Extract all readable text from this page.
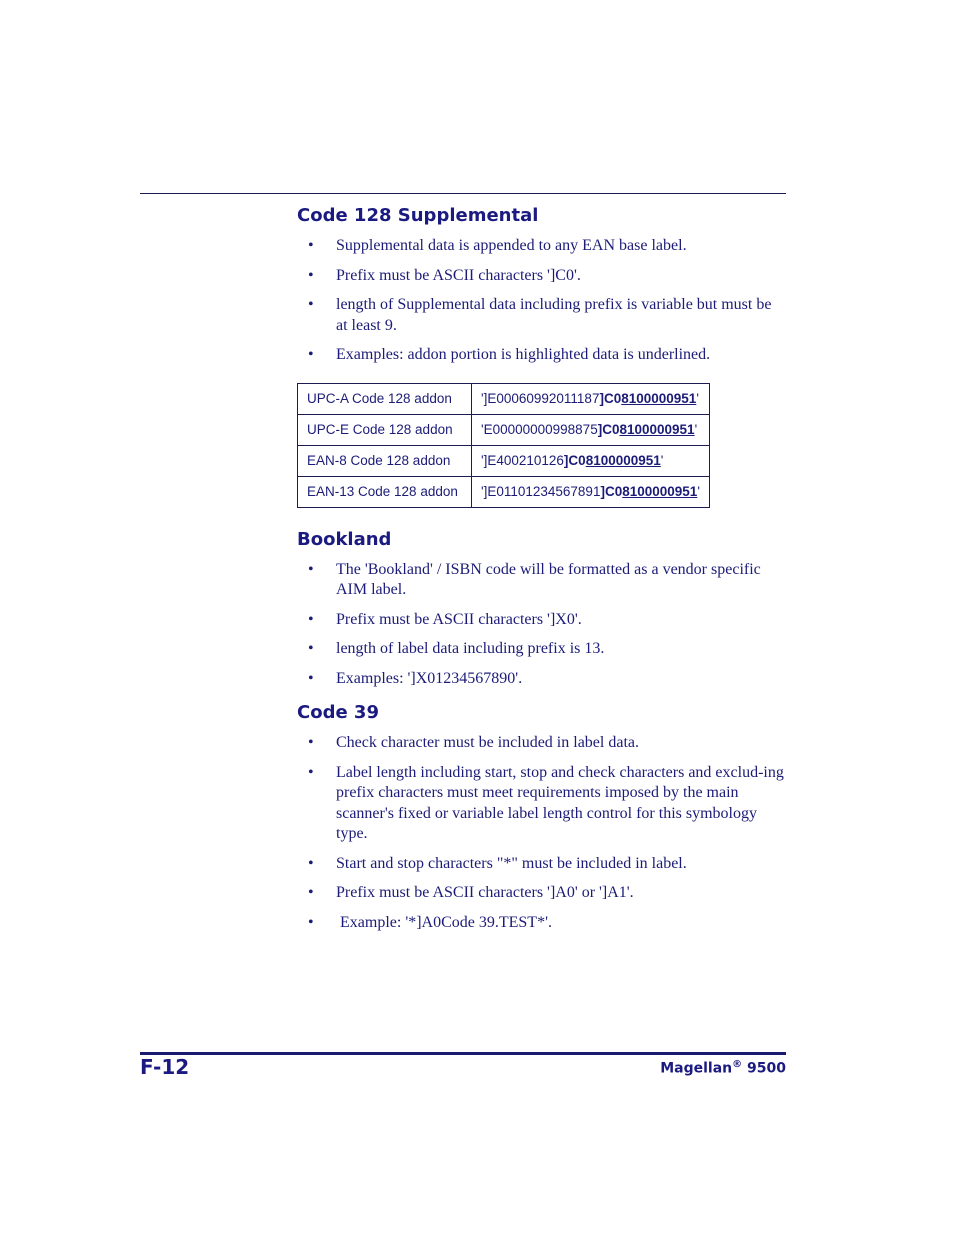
Code 128 Supplemental
• Supplemental data is appended to any EAN base label.
• Prefix must be ASCII characters ']C0'.
• length of Supplemental data including prefix is variable but must be at least 9.
• Examples: addon portion is highlighted data is underlined.
UPC-A Code 128 addon	']E00060992011187]C08100000951'
UPC-E Code 128 addon	'E00000000998875]C08100000951'
EAN-8 Code 128 addon	']E400210126]C08100000951'
EAN-13 Code 128 addon	']E01101234567891]C08100000951'
Bookland
• The 'Bookland' / ISBN code will be formatted as a vendor specific AIM label.
• Prefix must be ASCII characters ']X0'.
• length of label data including prefix is 13.
• Examples: ']X01234567890'.
Code 39
• Check character must be included in label data.
• Label length including start, stop and check characters and exclud-ing prefix characters must meet requirements imposed by the main scanner's fixed or variable label length control for this symbology type.
• Start and stop characters "*" must be included in label.
• Prefix must be ASCII characters ']A0' or ']A1'.
• Example: '*]A0Code 39.TEST*'.
F-12	Magellan® 9500
